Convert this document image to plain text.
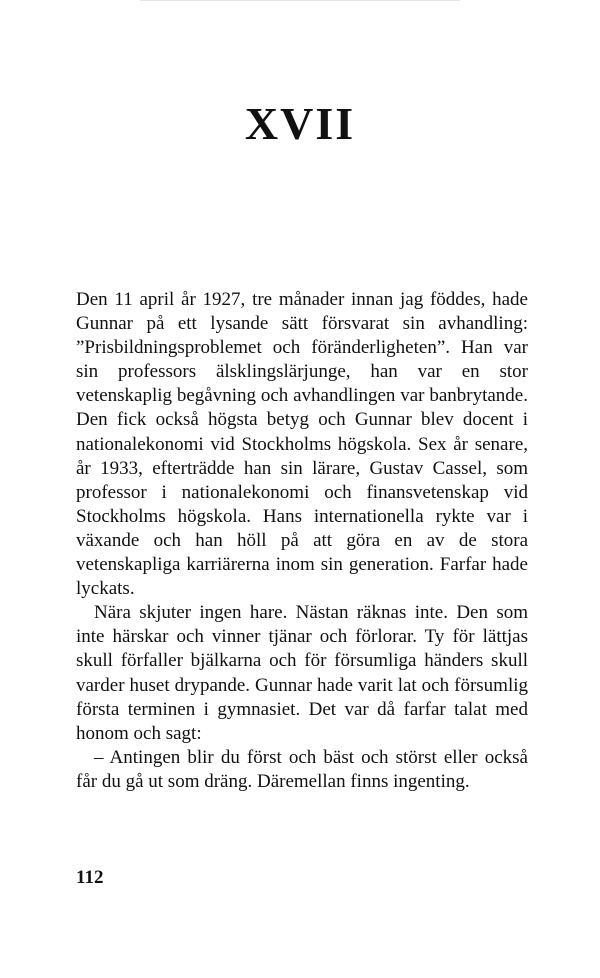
XVII

Den 11 april år 1927, tre månader innan jag föddes, hade Gunnar på ett lysande sätt försvarat sin avhandling: ”Prisbildningsproblemet och föränderligheten”. Han var sin professors älsklingslärjunge, han var en stor vetenskaplig begåvning och avhandlingen var banbrytande. Den fick också högsta betyg och Gunnar blev docent i nationalekonomi vid Stockholms högskola. Sex år senare, år 1933, efterträdde han sin lärare, Gustav Cassel, som professor i nationalekonomi och finansvetenskap vid Stockholms högskola. Hans internationella rykte var i växande och han höll på att göra en av de stora vetenskapliga karriärerna inom sin generation. Farfar hade lyckats.

Nära skjuter ingen hare. Nästan räknas inte. Den som inte härskar och vinner tjänar och förlorar. Ty för lättjas skull förfaller bjälkarna och för försumliga händers skull varder huset drypande. Gunnar hade varit lat och försumlig första terminen i gymnasiet. Det var då farfar talat med honom och sagt:

– Antingen blir du först och bäst och störst eller också får du gå ut som dräng. Däremellan finns ingenting.

112
